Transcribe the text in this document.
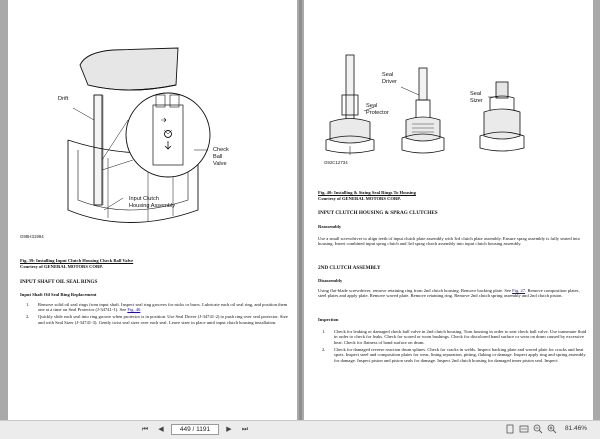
Drift
Check
Ball
Valve
Input Clutch
Housing Assembly
G98H31994
Fig. 39: Installing Input Clutch Housing Check Ball Valve
Courtesy of GENERAL MOTORS CORP.
INPUT SHAFT OIL SEAL RINGS
Input Shaft Oil Seal Ring Replacement
1. Remove solid oil seal rings from input shaft. Inspect seal ring grooves for nicks or burrs. Lubricate each oil seal ring, and position them one at a time on Seal Protector (J-34741-1). See Fig. 40.
2. Quickly slide each seal into ring groove when protector is in position. Use Seal Driver (J-34741-2) to push ring over seal protector. Size and with Seal Sizer (J-34741-3). Gently twist seal sizer over each seal. Leave sizer in place until input clutch housing installation.
Seal
Driver
Seal
Sizer
Seal
Protector
G92C12734
Fig. 40: Installing & Sizing Seal Rings To Housing
Courtesy of GENERAL MOTORS CORP.
INPUT CLUTCH HOUSING & SPRAG CLUTCHES
Reassembly
Use a small screwdriver to align teeth of input clutch plate assembly with 3rd clutch plate assembly. Ensure sprag assembly is fully seated into housing. Insert combined input sprag clutch and 3rd sprag clutch assembly into input clutch housing assembly.
2ND CLUTCH ASSEMBLY
Disassembly
Using flat-blade screwdriver, remove retaining ring from 2nd clutch housing. Remove backing plate. See Fig. 27. Remove composition plates, steel plates and apply plate. Remove waved plate. Remove retaining ring. Remove 2nd clutch spring assembly and 2nd clutch piston.
Inspection
1. Check for leaking or damaged check ball valve in 2nd clutch housing. Turn housing in order to seat check ball valve. Use transmute fluid in order to check for leaks. Check for scored or worn bushings. Check for discolored band surface or wear on drum caused by excessive heat. Check for flatness of band surface on drum.
2. Check for damaged reverse reaction drum splines. Check for cracks in welds. Inspect backing plate and waved plate for cracks and heat spots. Inspect steel and composition plates for wear, lining separation, pitting, flaking or damage. Inspect apply ring and spring assembly for damage. Inspect piston and piston seals for damage. Inspect 2nd clutch housing for damaged inner piston seal. Inspect
⏮	◀	449 / 1191	▶	⏭	81.46%
